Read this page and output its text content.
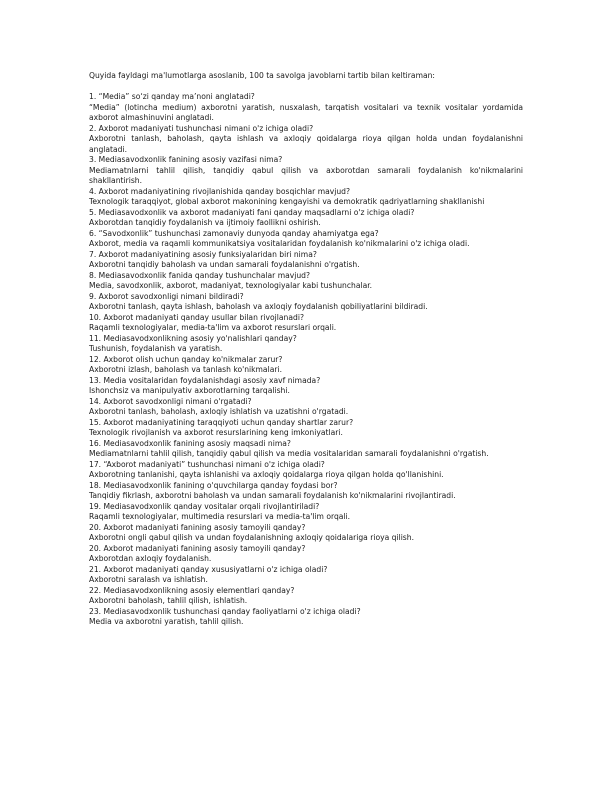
Quyida fayldagi ma'lumotlarga asoslanib, 100 ta savolga javoblarni tartib bilan keltiraman:

1. “Media” so‘zi qanday ma’noni anglatadi?

“Media” (lotincha medium) axborotni yaratish, nusxalash, tarqatish vositalari va texnik vositalar yordamida axborot almashinuvini anglatadi.

2. Axborot madaniyati tushunchasi nimani o'z ichiga oladi?

Axborotni tanlash, baholash, qayta ishlash va axloqiy qoidalarga rioya qilgan holda undan foydalanishni anglatadi.

3. Mediasavodxonlik fanining asosiy vazifasi nima?

Mediamatnlarni tahlil qilish, tanqidiy qabul qilish va axborotdan samarali foydalanish ko'nikmalarini shakllantirish.

4. Axborot madaniyatining rivojlanishida qanday bosqichlar mavjud?

Texnologik taraqqiyot, global axborot makonining kengayishi va demokratik qadriyatlarning shakllanishi

5. Mediasavodxonlik va axborot madaniyati fani qanday maqsadlarni o'z ichiga oladi?

Axborotdan tanqidiy foydalanish va ijtimoiy faollikni oshirish.

6. “Savodxonlik” tushunchasi zamonaviy dunyoda qanday ahamiyatga ega?

Axborot, media va raqamli kommunikatsiya vositalaridan foydalanish ko'nikmalarini o'z ichiga oladi.

7. Axborot madaniyatining asosiy funksiyalaridan biri nima?

Axborotni tanqidiy baholash va undan samarali foydalanishni o'rgatish.

8. Mediasavodxonlik fanida qanday tushunchalar mavjud?

Media, savodxonlik, axborot, madaniyat, texnologiyalar kabi tushunchalar.

9. Axborot savodxonligi nimani bildiradi?

Axborotni tanlash, qayta ishlash, baholash va axloqiy foydalanish qobiliyatlarini bildiradi.

10. Axborot madaniyati qanday usullar bilan rivojlanadi?

Raqamli texnologiyalar, media-ta'lim va axborot resurslari orqali.

11. Mediasavodxonlikning asosiy yo'nalishlari qanday?

Tushunish, foydalanish va yaratish.

12. Axborot olish uchun qanday ko'nikmalar zarur?

Axborotni izlash, baholash va tanlash ko'nikmalari.

13. Media vositalaridan foydalanishdagi asosiy xavf nimada?

Ishonchsiz va manipulyativ axborotlarning tarqalishi.

14. Axborot savodxonligi nimani o'rgatadi?

Axborotni tanlash, baholash, axloqiy ishlatish va uzatishni o'rgatadi.

15. Axborot madaniyatining taraqqiyoti uchun qanday shartlar zarur?

Texnologik rivojlanish va axborot resurslarining keng imkoniyatlari.

16. Mediasavodxonlik fanining asosiy maqsadi nima?

Mediamatnlarni tahlil qilish, tanqidiy qabul qilish va media vositalaridan samarali foydalanishni o'rgatish.

17. “Axborot madaniyati” tushunchasi nimani o'z ichiga oladi?

Axborotning tanlanishi, qayta ishlanishi va axloqiy qoidalarga rioya qilgan holda qo'llanishini.

18. Mediasavodxonlik fanining o'quvchilarga qanday foydasi bor?

Tanqidiy fikrlash, axborotni baholash va undan samarali foydalanish ko'nikmalarini rivojlantiradi.

19. Mediasavodxonlik qanday vositalar orqali rivojlantiriladi?

Raqamli texnologiyalar, multimedia resurslari va media-ta'lim orqali.

20. Axborot madaniyati fanining asosiy tamoyili qanday?

Axborotni ongli qabul qilish va undan foydalanishning axloqiy qoidalariga rioya qilish.

20. Axborot madaniyati fanining asosiy tamoyili qanday?

Axborotdan axloqiy foydalanish.

21. Axborot madaniyati qanday xususiyatlarni o'z ichiga oladi?

Axborotni saralash va ishlatish.

22. Mediasavodxonlikning asosiy elementlari qanday?

Axborotni baholash, tahlil qilish, ishlatish.

23. Mediasavodxonlik tushunchasi qanday faoliyatlarni o'z ichiga oladi?

Media va axborotni yaratish, tahlil qilish.
